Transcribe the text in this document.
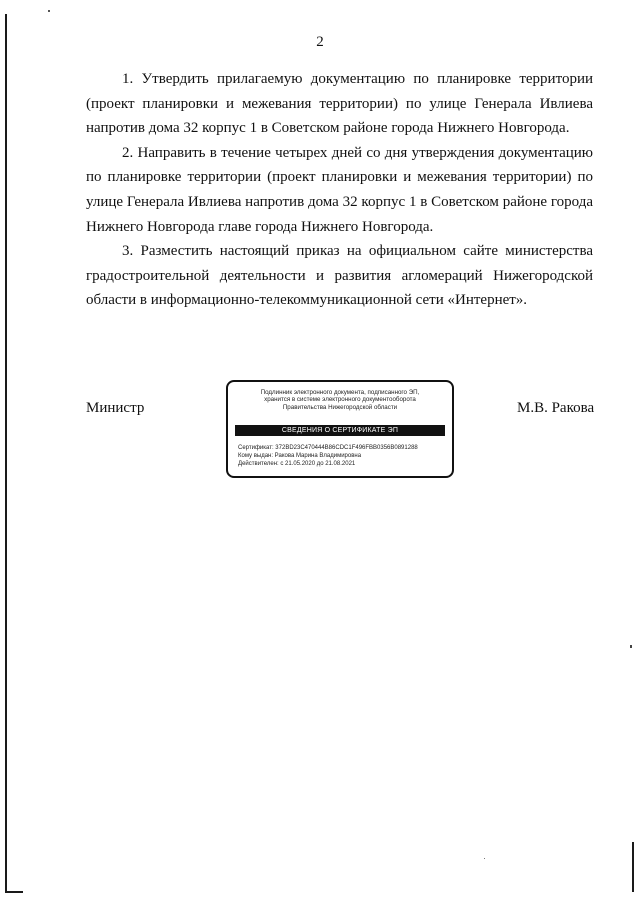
2

1. Утвердить прилагаемую документацию по планировке территории (проект планировки и межевания территории) по улице Генерала Ивлиева напротив дома 32 корпус 1 в Советском районе города Нижнего Новгорода.

2. Направить в течение четырех дней со дня утверждения документацию по планировке территории (проект планировки и межевания территории) по улице Генерала Ивлиева напротив дома 32 корпус 1 в Советском районе города Нижнего Новгорода главе города Нижнего Новгорода.

3. Разместить настоящий приказ на официальном сайте министерства градостроительной деятельности и развития агломераций Нижегородской области в информационно-телекоммуникационной сети «Интернет».

Министр	М.В. Ракова
Подлинник электронного документа, подписанного ЭП,
хранится в системе электронного документооборота
Правительства Нижегородской области
СВЕДЕНИЯ О СЕРТИФИКАТЕ ЭП
Сертификат: 372BD23C470444B86CDC1F496FBB0356B0891288
Кому выдан: Ракова Марина Владимировна
Действителен: с 21.05.2020 до 21.08.2021
